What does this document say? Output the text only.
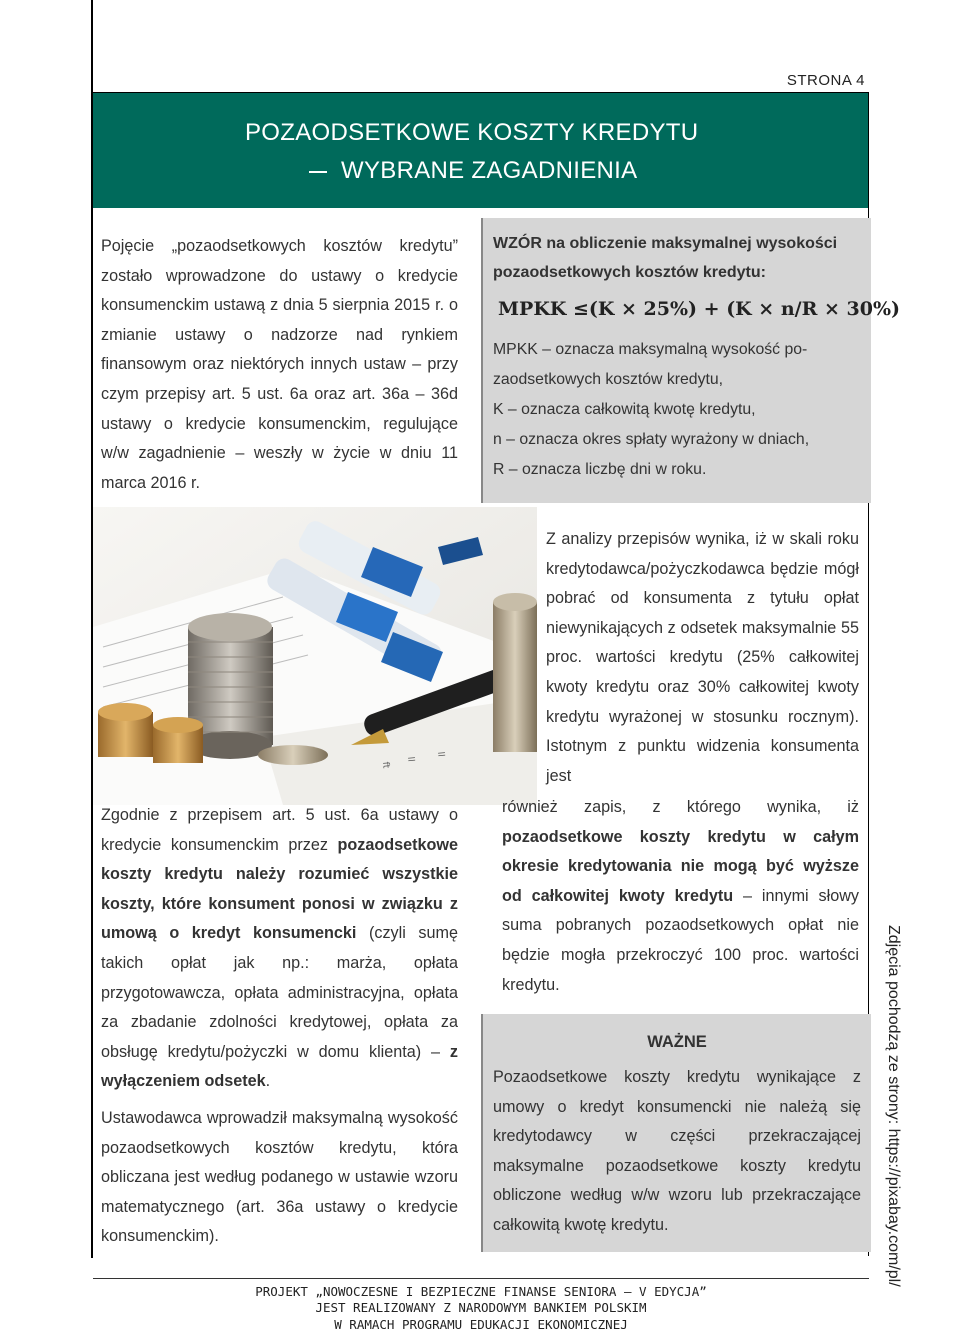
STRONA 4
POZAODSETKOWE KOSZTY KREDYTU
WYBRANE ZAGADNIENIA

Pojęcie „pozaodsetkowych kosztów kredytu” zostało wprowadzone do ustawy o kredycie konsumenckim ustawą z dnia 5 sierpnia 2015 r. o zmianie ustawy o nadzorze nad rynkiem finansowym oraz niektórych innych ustaw – przy czym przepisy art. 5 ust. 6a oraz art. 36a – 36d ustawy o kredycie konsumenckim, regulujące w/w zagadnienie – weszły w życie w dniu 11 marca 2016 r.

WZÓR na obliczenie maksymalnej wysokości pozaodsetkowych kosztów kredytu:
MPKK ≤(K × 25%) + (K × n/R × 30%)
MPKK – oznacza maksymalną wysokość po-
zaodsetkowych kosztów kredytu,
K – oznacza całkowitą kwotę kredytu,
n – oznacza okres spłaty wyrażony w dniach,
R – oznacza liczbę dni w roku.
ft
ll
ll
Z analizy przepisów wynika, iż w skali roku kredytodawca/pożyczkodawca będzie mógł pobrać od konsumenta z tytułu opłat niewynikających z odsetek maksymalnie 55 proc. wartości kredytu (25% całkowitej kwoty kredytu oraz 30% całkowitej kwoty kredytu wyrażonej w stosunku rocznym). Istotnym z punktu widzenia konsumenta jest
również zapis, z którego wynika, iż pozaodsetkowe koszty kredytu w całym okresie kredytowania nie mogą być wyższe od całkowitej kwoty kredytu – innymi słowy suma pobranych pozaodsetkowych opłat nie będzie mogła przekroczyć 100 proc. wartości kredytu.

Zgodnie z przepisem art. 5 ust. 6a ustawy o kredycie konsumenckim przez pozaodsetkowe koszty kredytu należy rozumieć wszystkie koszty, które konsument ponosi w związku z umową o kredyt konsumencki (czyli sumę takich opłat jak np.: marża, opłata przygotowawcza, opłata administracyjna, opłata za zbadanie zdolności kredytowej, opłata za obsługę kredytu/pożyczki w domu klienta) – z wyłączeniem odsetek.

Ustawodawca wprowadził maksymalną wysokość pozaodsetkowych kosztów kredytu, która obliczana jest według podanego w ustawie wzoru matematycznego (art. 36a ustawy o kredycie konsumenckim).

WAŻNE
Pozaodsetkowe koszty kredytu wynikające z umowy o kredyt konsumencki nie należą się kredytodawcy w części przekraczającej maksymalne pozaodsetkowe koszty kredytu obliczone według w/w wzoru lub przekraczające całkowitą kwotę kredytu.	Zdjęcia pochodzą ze strony: https://pixabay.com/pl/
PROJEKT „NOWOCZESNE I BEZPIECZNE FINANSE SENIORA – V EDYCJA”
JEST REALIZOWANY Z NARODOWYM BANKIEM POLSKIM
W RAMACH PROGRAMU EDUKACJI EKONOMICZNEJ
